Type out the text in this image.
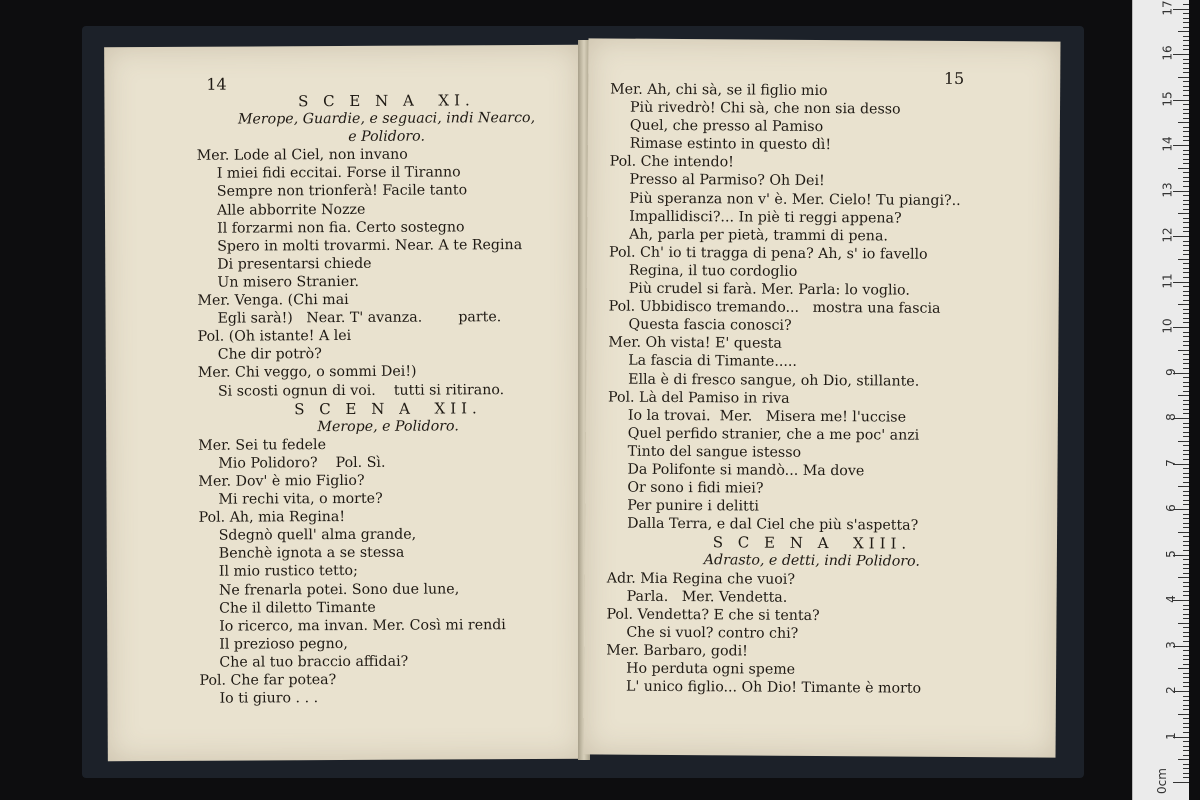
14
S C E N A  XI.
Merope, Guardie, e seguaci, indi Nearco,
e Polidoro.
Mer. Lode al Ciel, non invano
I miei fidi eccitai. Forse il Tiranno
Sempre non trionferà! Facile tanto
Alle abborrite Nozze
Il forzarmi non fia. Certo sostegno
Spero in molti trovarmi. Near. A te Regina
Di presentarsi chiede
Un misero Stranier.
Mer. Venga. (Chi mai
Egli sarà!)   Near. T' avanza.        parte.
Pol. (Oh istante! A lei
Che dir potrò?
Mer. Chi veggo, o sommi Dei!)
Si scosti ognun di voi.    tutti si ritirano.
S C E N A  XII.
Merope, e Polidoro.
Mer. Sei tu fedele
Mio Polidoro?    Pol. Sì.
Mer. Dov' è mio Figlio?
Mi rechi vita, o morte?
Pol. Ah, mia Regina!
Sdegnò quell' alma grande,
Benchè ignota a se stessa
Il mio rustico tetto;
Ne frenarla potei. Sono due lune,
Che il diletto Timante
Io ricerco, ma invan. Mer. Così mi rendi
Il prezioso pegno,
Che al tuo braccio affidai?
Pol. Che far potea?
Io ti giuro . . .
15
Mer. Ah, chi sà, se il figlio mio
Più rivedrò! Chi sà, che non sia desso
Quel, che presso al Pamiso
Rimase estinto in questo dì!
Pol. Che intendo!
Presso al Parmiso? Oh Dei!
Più speranza non v' è. Mer. Cielo! Tu piangi?..
Impallidisci?... In piè ti reggi appena?
Ah, parla per pietà, trammi di pena.
Pol. Ch' io ti tragga di pena? Ah, s' io favello
Regina, il tuo cordoglio
Più crudel si farà. Mer. Parla: lo voglio.
Pol. Ubbidisco tremando...   mostra una fascia
Questa fascia conosci?
Mer. Oh vista! E' questa
La fascia di Timante.....
Ella è di fresco sangue, oh Dio, stillante.
Pol. Là del Pamiso in riva
Io la trovai.  Mer.   Misera me! l'uccise
Quel perfido stranier, che a me poc' anzi
Tinto del sangue istesso
Da Polifonte si mandò... Ma dove
Or sono i fidi miei?
Per punire i delitti
Dalla Terra, e dal Ciel che più s'aspetta?
S C E N A  XIII.
Adrasto, e detti, indi Polidoro.
Adr. Mia Regina che vuoi?
Parla.   Mer. Vendetta.
Pol. Vendetta? E che si tenta?
Che si vuol? contro chi?
Mer. Barbaro, godi!
Ho perduta ogni speme
L' unico figlio... Oh Dio! Timante è morto
0cm
1
2
3
4
5
6
7
8
9
10
11
12
13
14
15
16
17
